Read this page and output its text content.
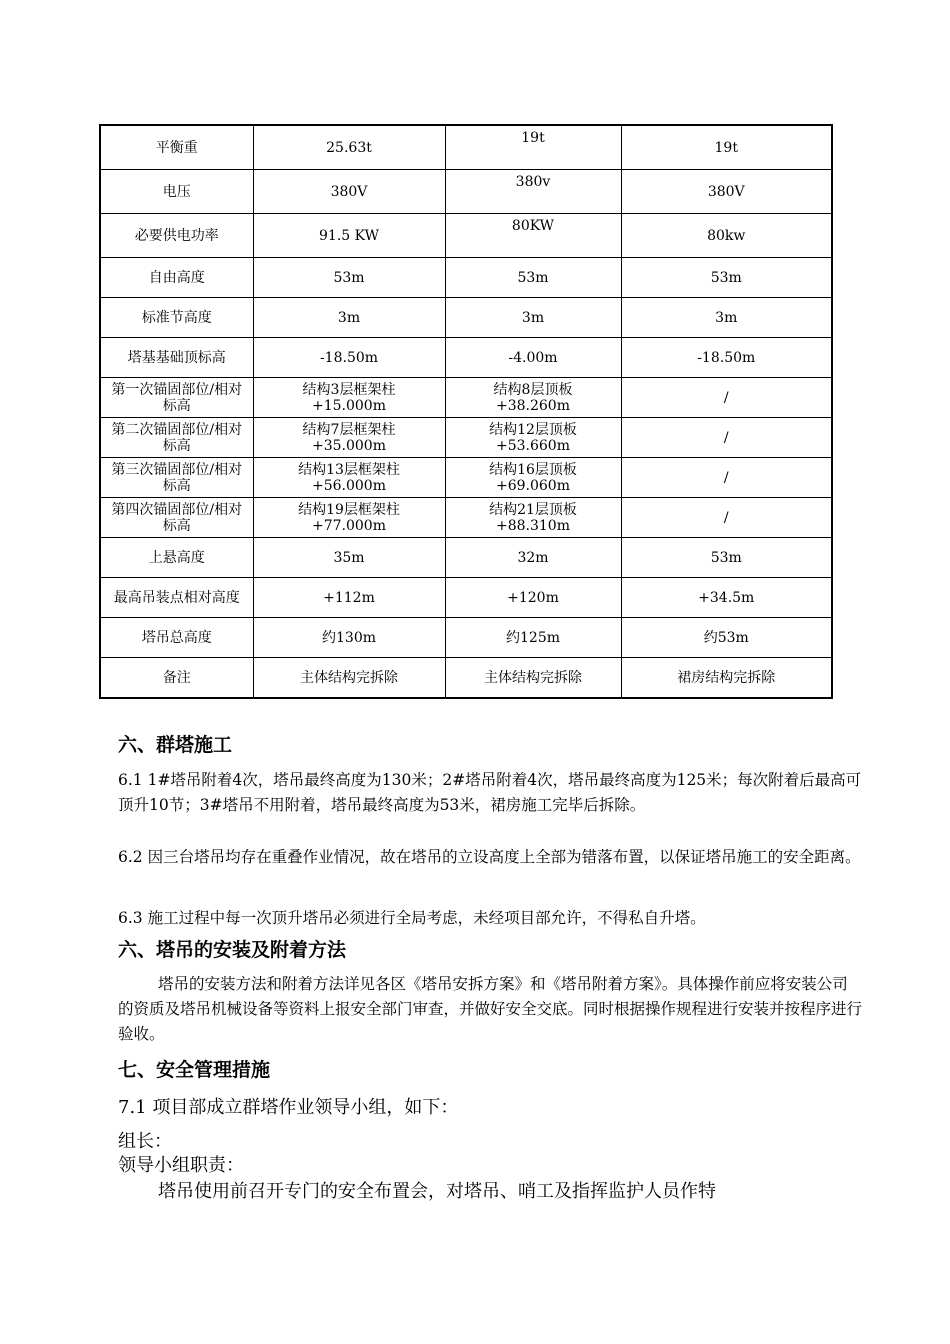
平衡重	25.63t	19t	19t
电压	380V	380v	380V
必要供电功率	91.5 KW	80KW	80kw
自由高度	53m	53m	53m
标准节高度	3m	3m	3m
塔基基础顶标高	-18.50m	-4.00m	-18.50m
第一次锚固部位/相对标高	结构3层框架柱 +15.000m	结构8层顶板 +38.260m	/
第二次锚固部位/相对标高	结构7层框架柱 +35.000m	结构12层顶板 +53.660m	/
第三次锚固部位/相对标高	结构13层框架柱 +56.000m	结构16层顶板 +69.060m	/
第四次锚固部位/相对标高	结构19层框架柱 +77.000m	结构21层顶板 +88.310m	/
上悬高度	35m	32m	53m
最高吊装点相对高度	+112m	+120m	+34.5m
塔吊总高度	约130m	约125m	约53m
备注	主体结构完拆除	主体结构完拆除	裙房结构完拆除
六、群塔施工
6.1 1#塔吊附着4次，塔吊最终高度为130米；2#塔吊附着4次，塔吊最终高度为125米；每次附着后最高可顶升10节；3#塔吊不用附着，塔吊最终高度为53米，裙房施工完毕后拆除。
6.2 因三台塔吊均存在重叠作业情况，故在塔吊的立设高度上全部为错落布置，以保证塔吊施工的安全距离。
6.3 施工过程中每一次顶升塔吊必须进行全局考虑，未经项目部允许，不得私自升塔。
六、塔吊的安装及附着方法
塔吊的安装方法和附着方法详见各区《塔吊安拆方案》和《塔吊附着方案》。具体操作前应将安装公司的资质及塔吊机械设备等资料上报安全部门审查，并做好安全交底。同时根据操作规程进行安装并按程序进行验收。
七、安全管理措施
7.1 项目部成立群塔作业领导小组，如下：
组长：
领导小组职责：
塔吊使用前召开专门的安全布置会，对塔吊、哨工及指挥监护人员作特
